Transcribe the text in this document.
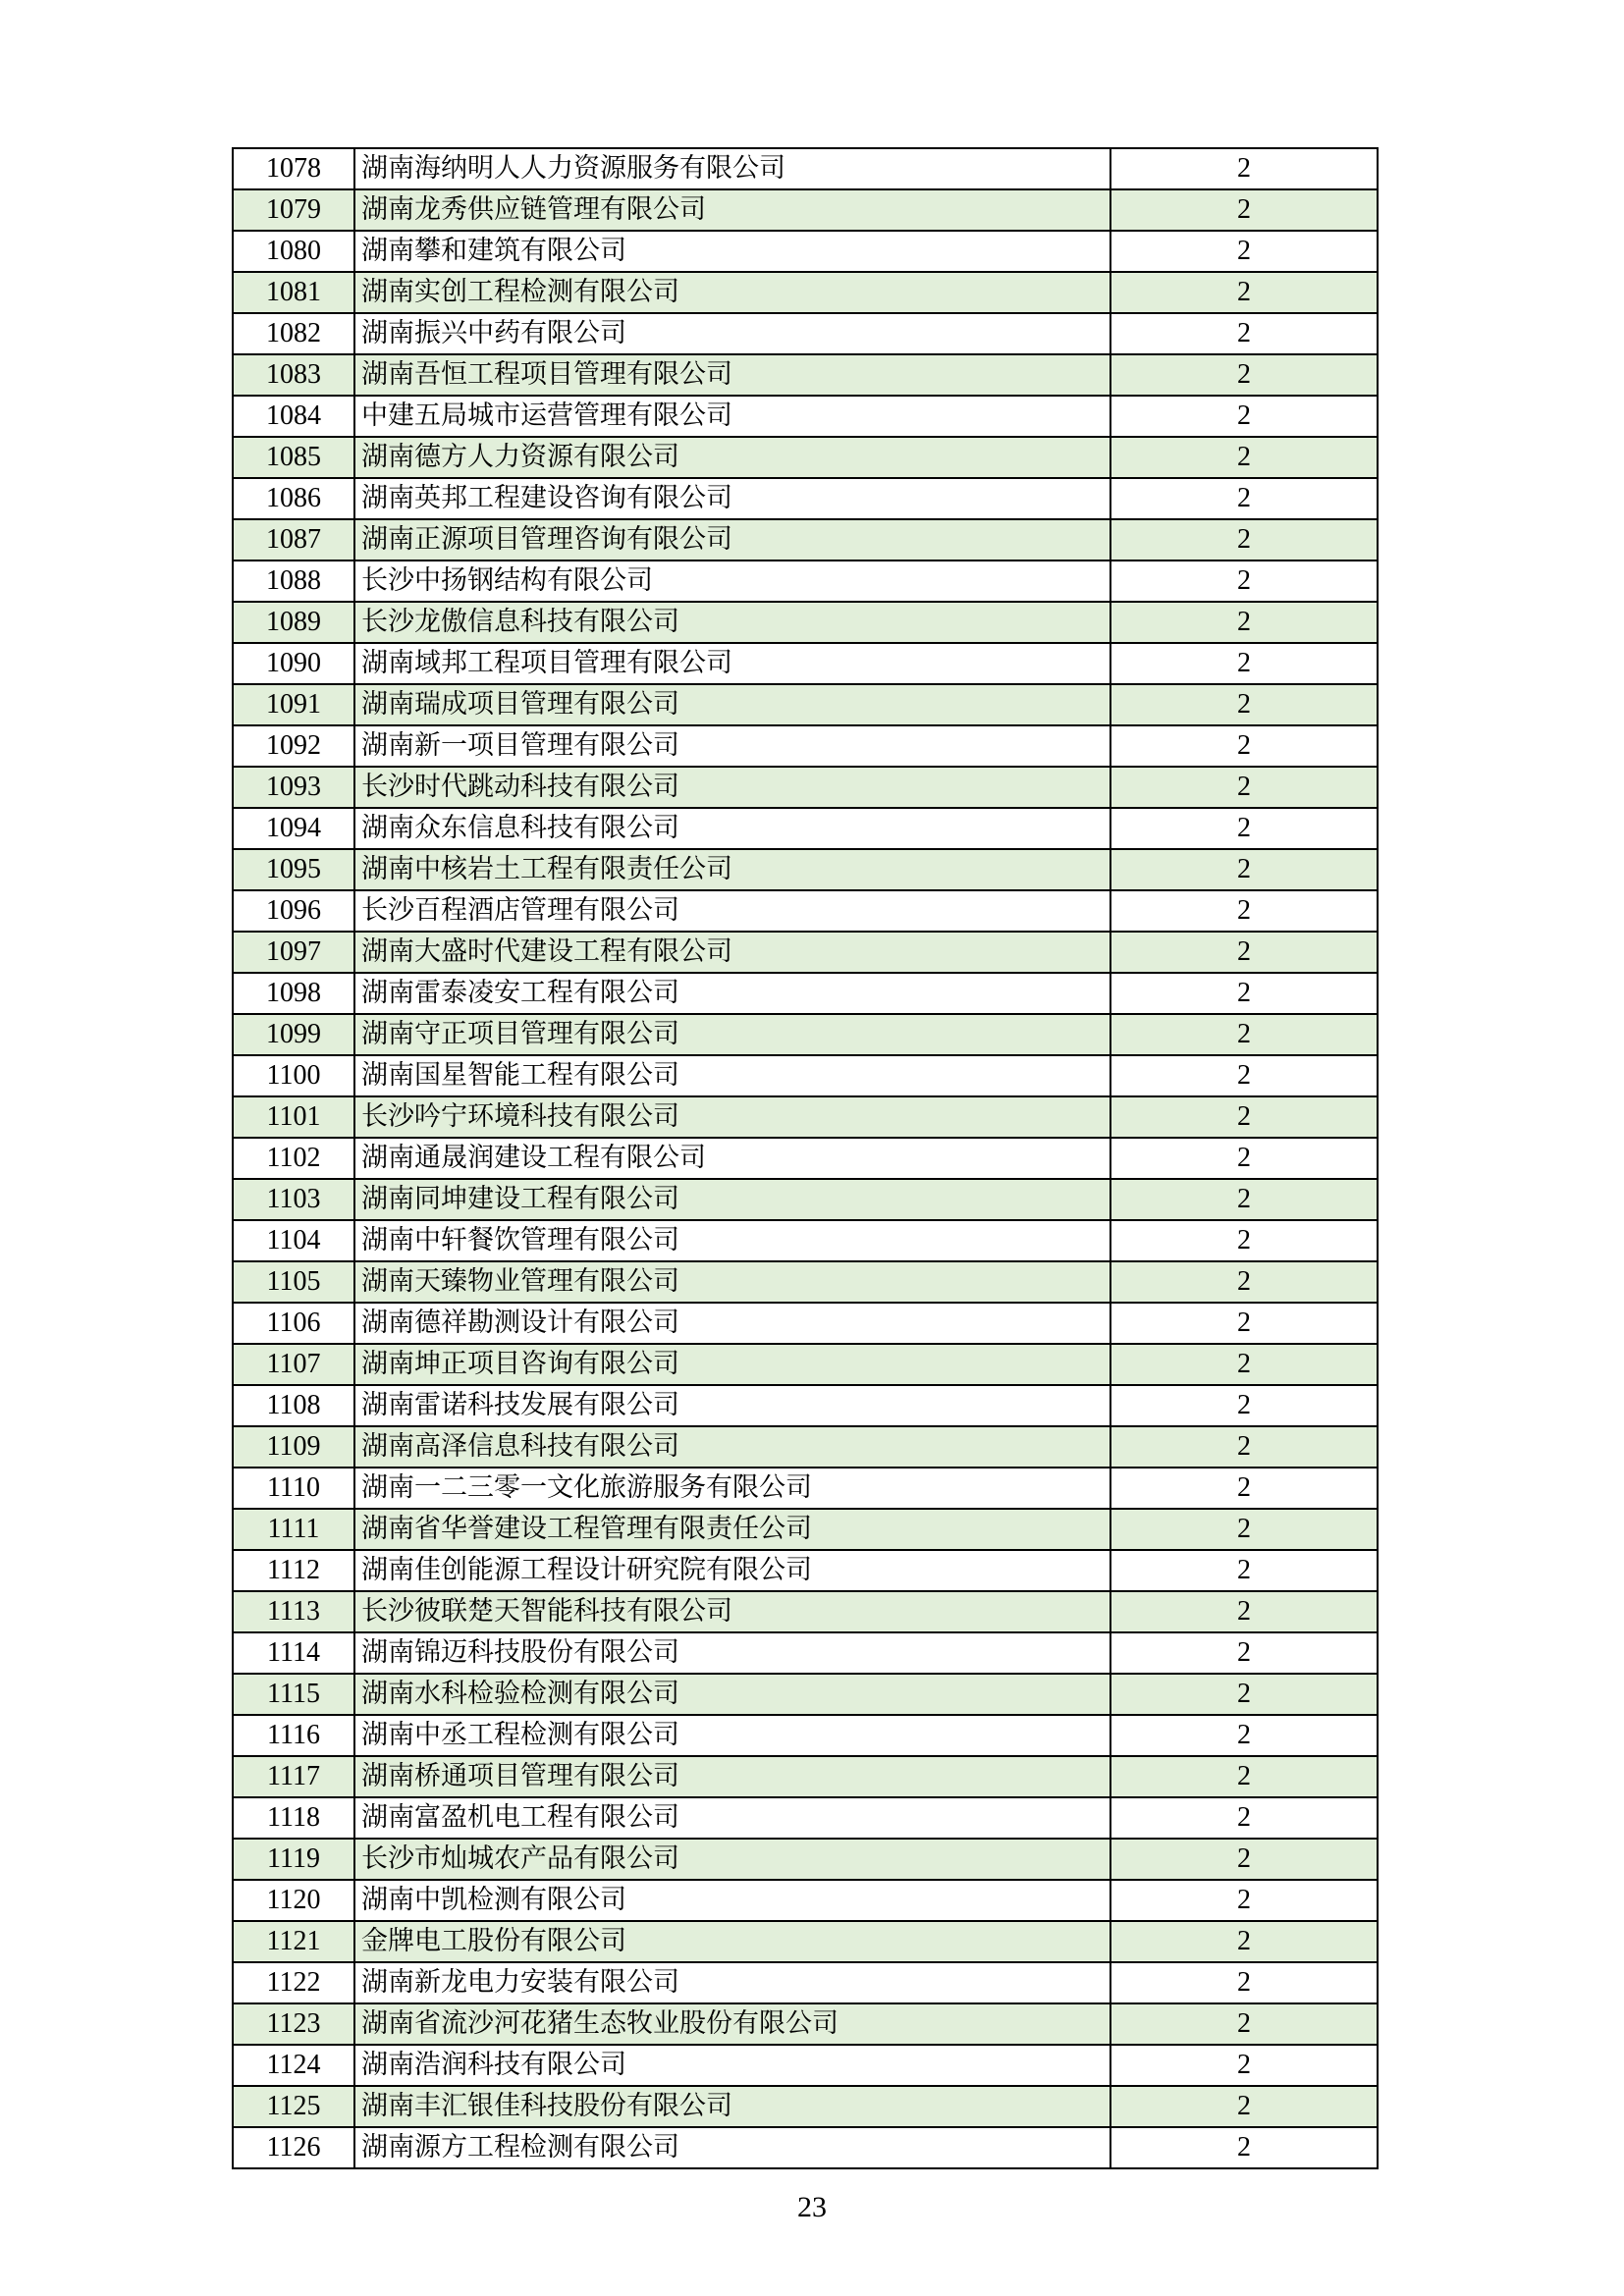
1078	湖南海纳明人人力资源服务有限公司	2
1079	湖南龙秀供应链管理有限公司	2
1080	湖南攀和建筑有限公司	2
1081	湖南实创工程检测有限公司	2
1082	湖南振兴中药有限公司	2
1083	湖南吾恒工程项目管理有限公司	2
1084	中建五局城市运营管理有限公司	2
1085	湖南德方人力资源有限公司	2
1086	湖南英邦工程建设咨询有限公司	2
1087	湖南正源项目管理咨询有限公司	2
1088	长沙中扬钢结构有限公司	2
1089	长沙龙傲信息科技有限公司	2
1090	湖南域邦工程项目管理有限公司	2
1091	湖南瑞成项目管理有限公司	2
1092	湖南新一项目管理有限公司	2
1093	长沙时代跳动科技有限公司	2
1094	湖南众东信息科技有限公司	2
1095	湖南中核岩土工程有限责任公司	2
1096	长沙百程酒店管理有限公司	2
1097	湖南大盛时代建设工程有限公司	2
1098	湖南雷泰凌安工程有限公司	2
1099	湖南守正项目管理有限公司	2
1100	湖南国星智能工程有限公司	2
1101	长沙吟宁环境科技有限公司	2
1102	湖南通晟润建设工程有限公司	2
1103	湖南同坤建设工程有限公司	2
1104	湖南中轩餐饮管理有限公司	2
1105	湖南天臻物业管理有限公司	2
1106	湖南德祥勘测设计有限公司	2
1107	湖南坤正项目咨询有限公司	2
1108	湖南雷诺科技发展有限公司	2
1109	湖南高泽信息科技有限公司	2
1110	湖南一二三零一文化旅游服务有限公司	2
1111	湖南省华誉建设工程管理有限责任公司	2
1112	湖南佳创能源工程设计研究院有限公司	2
1113	长沙彼联楚天智能科技有限公司	2
1114	湖南锦迈科技股份有限公司	2
1115	湖南水科检验检测有限公司	2
1116	湖南中丞工程检测有限公司	2
1117	湖南桥通项目管理有限公司	2
1118	湖南富盈机电工程有限公司	2
1119	长沙市灿城农产品有限公司	2
1120	湖南中凯检测有限公司	2
1121	金牌电工股份有限公司	2
1122	湖南新龙电力安装有限公司	2
1123	湖南省流沙河花猪生态牧业股份有限公司	2
1124	湖南浩润科技有限公司	2
1125	湖南丰汇银佳科技股份有限公司	2
1126	湖南源方工程检测有限公司	2
23
